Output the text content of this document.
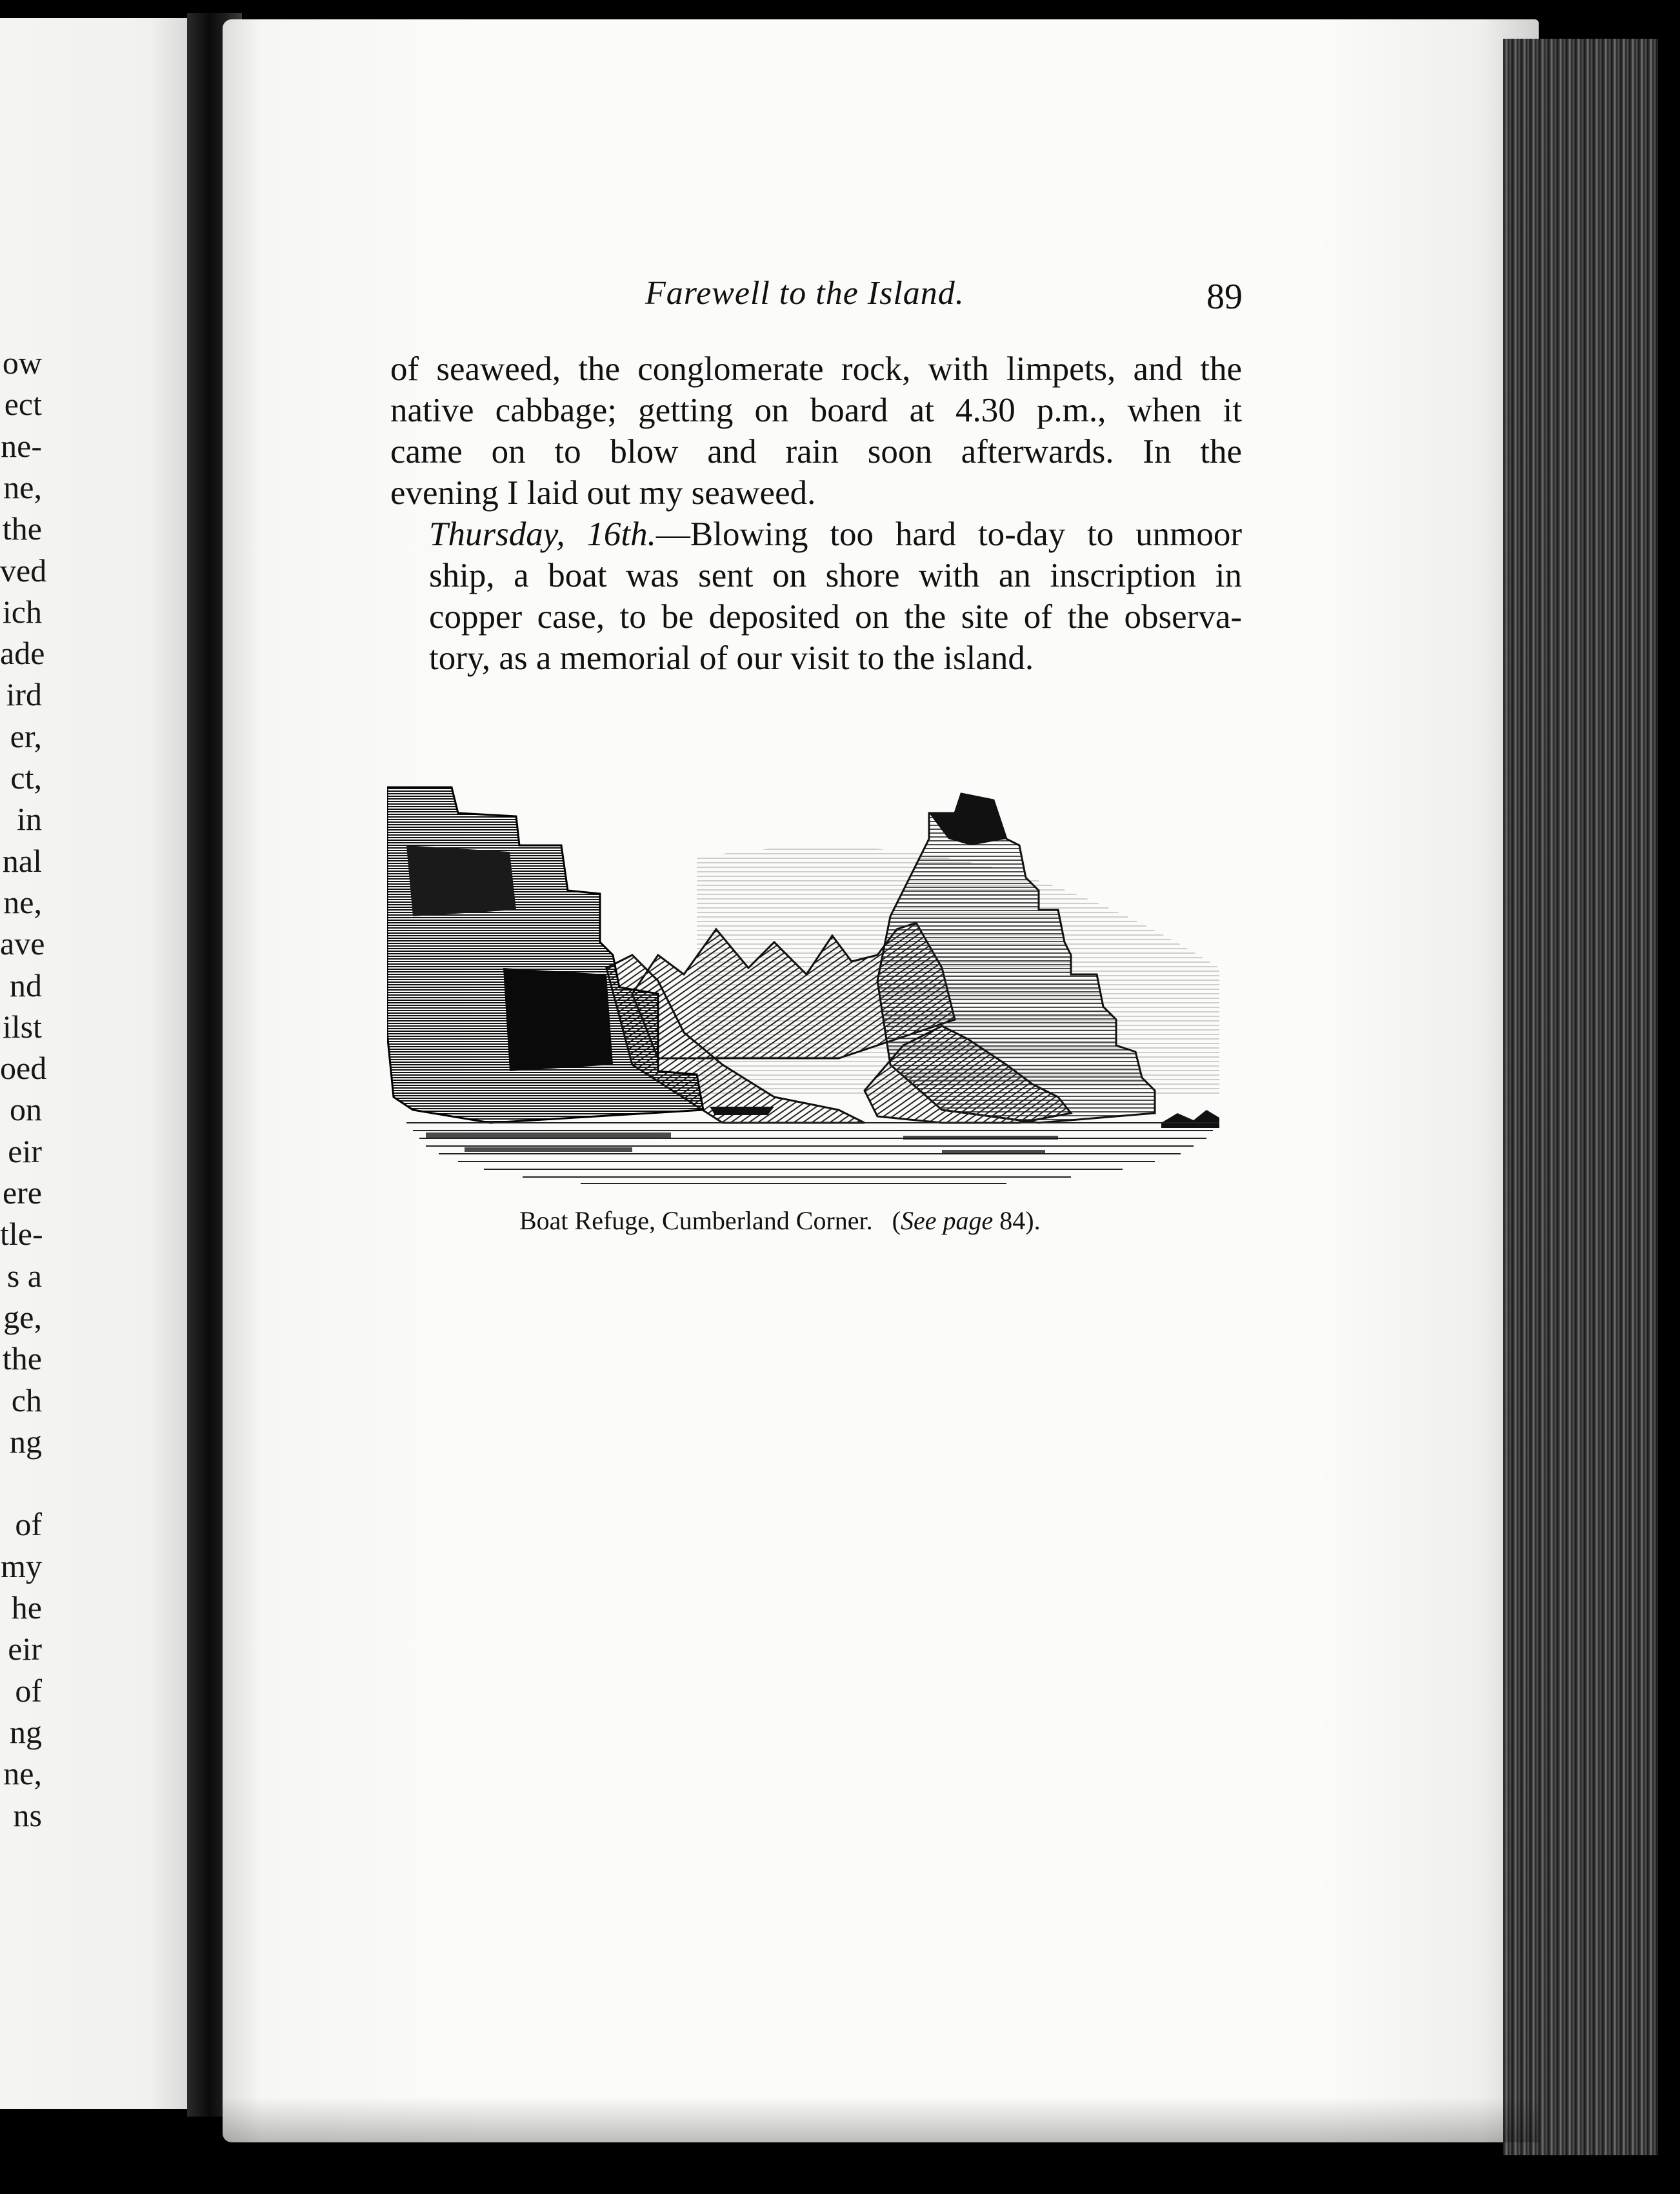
ow
ect
ne-
ne,
the
ved
ich
ade
ird
er,
ct,
in
nal
ne,
ave
nd
ilst
oed
on
eir
ere
tle-
s a
ge,
the
ch
ng
of
my
he
eir
of
ng
ne,
ns
Farewell to the Island.	89

of seaweed, the conglomerate rock, with limpets, and the
native cabbage; getting on board at 4.30 p.m., when it
came on to blow and rain soon afterwards. In the
evening I laid out my seaweed.

Thursday, 16th.—Blowing too hard to-day to unmoor
ship, a boat was sent on shore with an inscription in
copper case, to be deposited on the site of the observa-
tory, as a memorial of our visit to the island.

Boat Refuge, Cumberland Corner. (See page 84).
